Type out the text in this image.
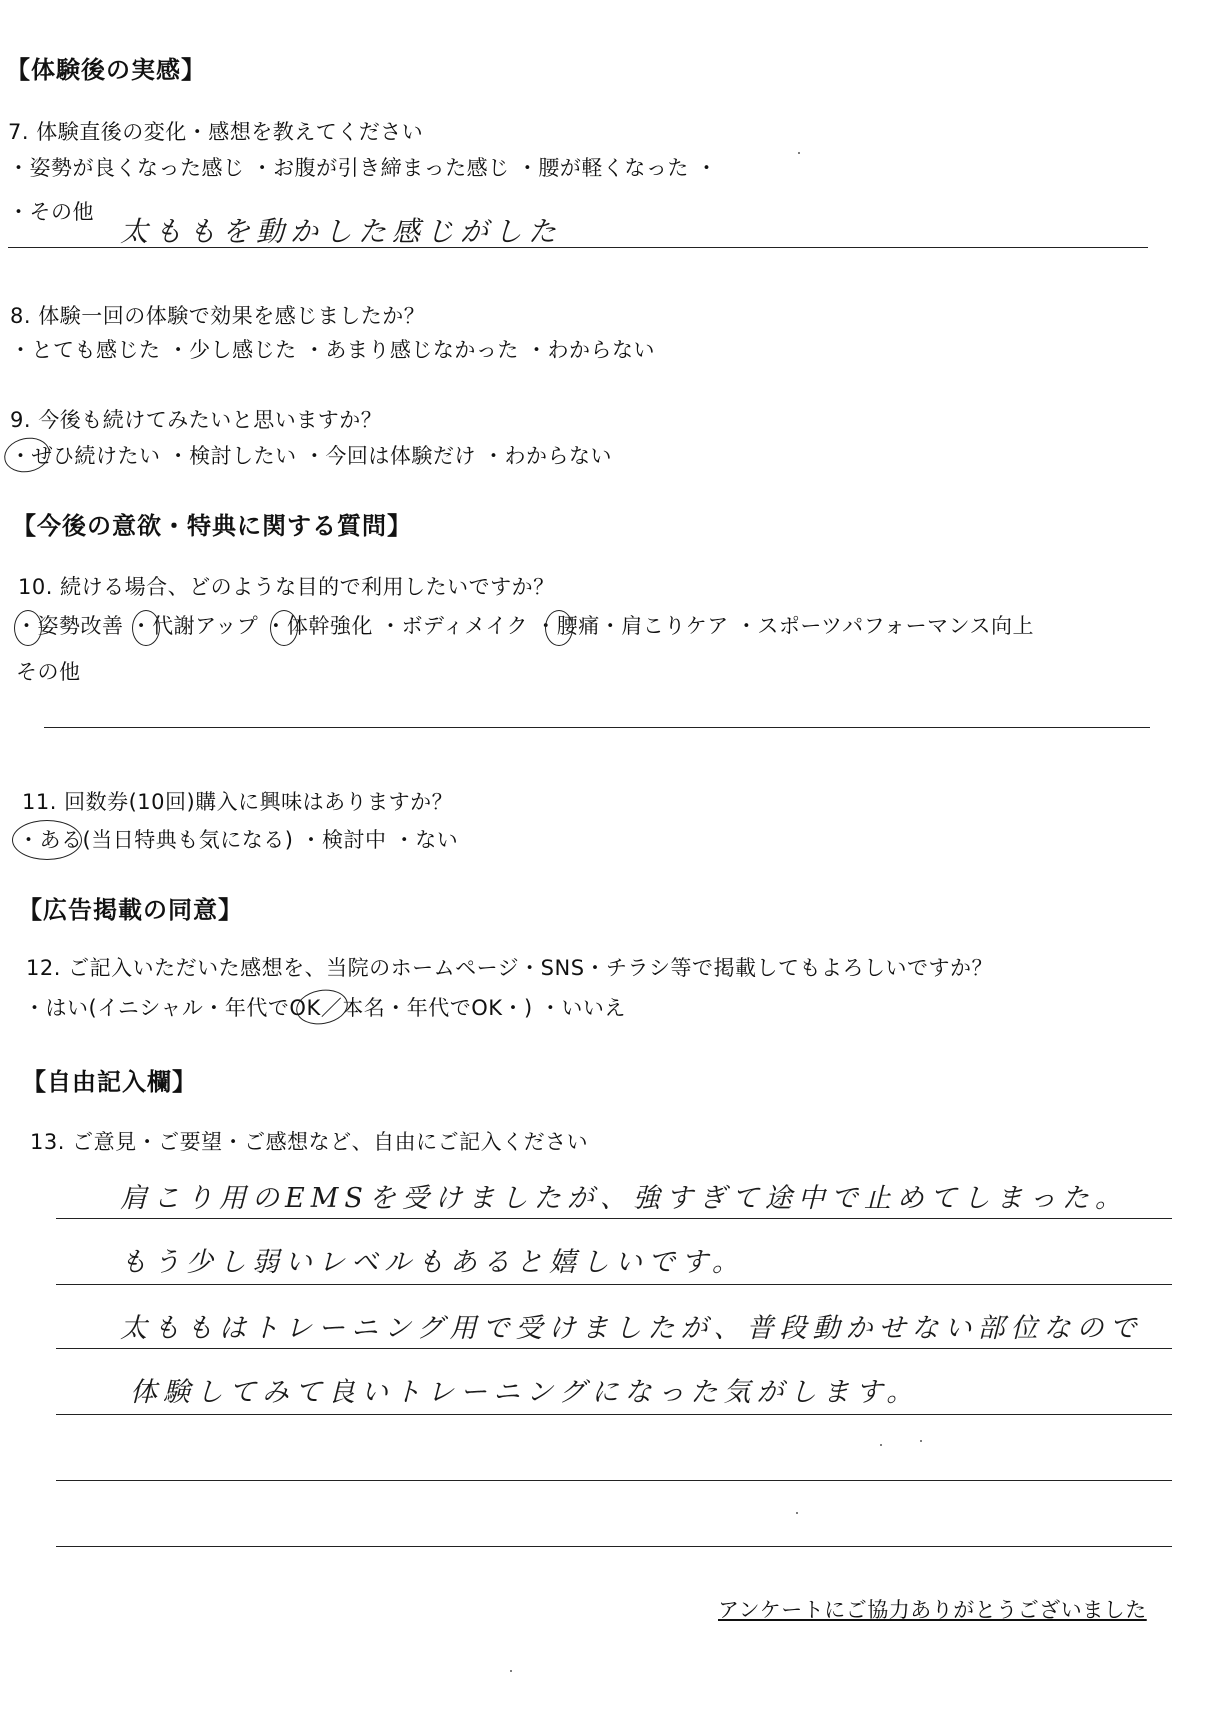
【体験後の実感】
7. 体験直後の変化・感想を教えてください
・姿勢が良くなった感じ ・お腹が引き締まった感じ ・腰が軽くなった ・
・その他
太ももを動かした感じがした
8. 体験一回の体験で効果を感じましたか？
・とても感じた ・少し感じた ・あまり感じなかった ・わからない
9. 今後も続けてみたいと思いますか？
・ぜひ続けたい ・検討したい ・今回は体験だけ ・わからない
【今後の意欲・特典に関する質問】
10. 続ける場合、どのような目的で利用したいですか？
・姿勢改善 ・代謝アップ ・体幹強化 ・ボディメイク ・腰痛・肩こりケア ・スポーツパフォーマンス向上
その他
11. 回数券(10回)購入に興味はありますか？
・ある(当日特典も気になる) ・検討中 ・ない
【広告掲載の同意】
12. ご記入いただいた感想を、当院のホームページ・SNS・チラシ等で掲載してもよろしいですか？
・はい(イニシャル・年代でOK／本名・年代でOK・) ・いいえ
【自由記入欄】
13. ご意見・ご要望・ご感想など、自由にご記入ください
肩こり用のEMSを受けましたが、強すぎて途中で止めてしまった。
もう少し弱いレベルもあると嬉しいです。
太ももはトレーニング用で受けましたが、普段動かせない部位なので
体験してみて良いトレーニングになった気がします。
アンケートにご協力ありがとうございました
